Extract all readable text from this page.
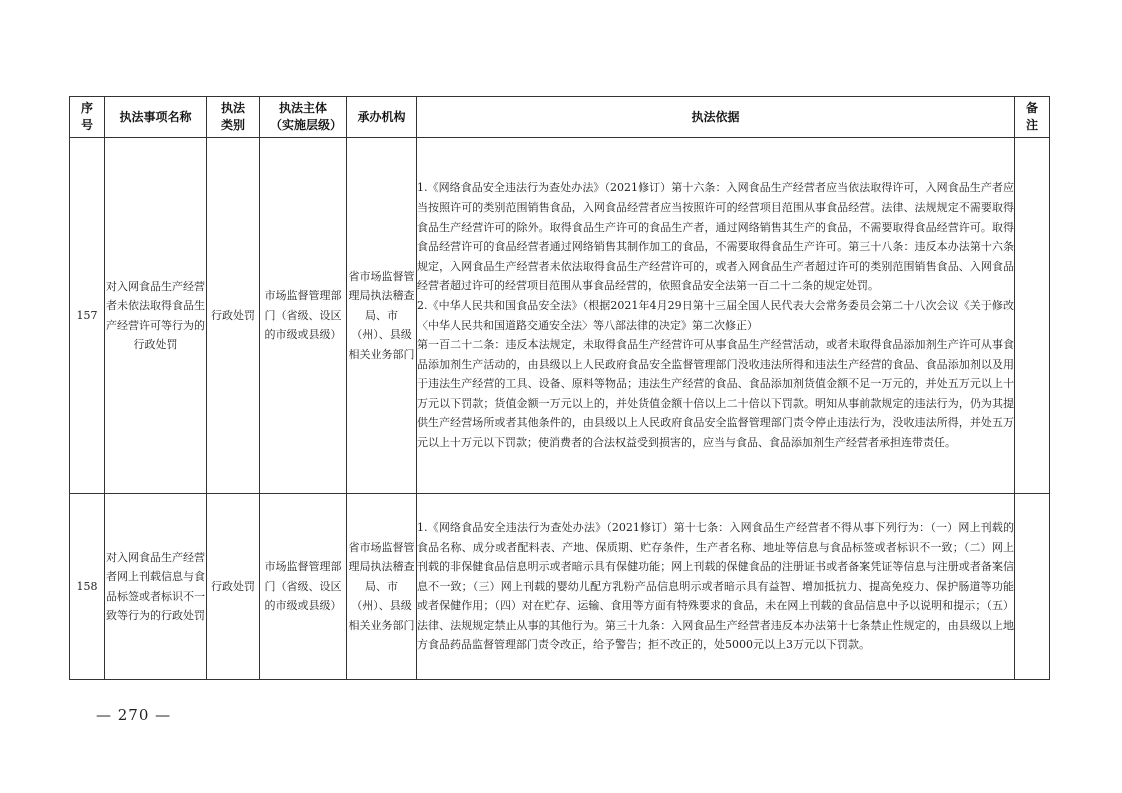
序号	执法事项名称	执法类别	执法主体（实施层级）	承办机构	执法依据	备注
157	对入网食品生产经营者未依法取得食品生产经营许可等行为的行政处罚	行政处罚	市场监督管理部门（省级、设区的市级或县级）	省市场监督管理局执法稽查局、市（州）、县级相关业务部门	1.《网络食品安全违法行为查处办法》（2021修订）第十六条：入网食品生产经营者应当依法取得许可，入网食品生产者应当按照许可的类别范围销售食品，入网食品经营者应当按照许可的经营项目范围从事食品经营。法律、法规规定不需要取得食品生产经营许可的除外。取得食品生产许可的食品生产者，通过网络销售其生产的食品，不需要取得食品经营许可。取得食品经营许可的食品经营者通过网络销售其制作加工的食品，不需要取得食品生产许可。第三十八条：违反本办法第十六条规定，入网食品生产经营者未依法取得食品生产经营许可的，或者入网食品生产者超过许可的类别范围销售食品、入网食品经营者超过许可的经营项目范围从事食品经营的，依照食品安全法第一百二十二条的规定处罚。

2.《中华人民共和国食品安全法》（根据2021年4月29日第十三届全国人民代表大会常务委员会第二十八次会议《关于修改〈中华人民共和国道路交通安全法〉等八部法律的决定》第二次修正）

第一百二十二条：违反本法规定，未取得食品生产经营许可从事食品生产经营活动，或者未取得食品添加剂生产许可从事食品添加剂生产活动的，由县级以上人民政府食品安全监督管理部门没收违法所得和违法生产经营的食品、食品添加剂以及用于违法生产经营的工具、设备、原料等物品；违法生产经营的食品、食品添加剂货值金额不足一万元的，并处五万元以上十万元以下罚款；货值金额一万元以上的，并处货值金额十倍以上二十倍以下罚款。明知从事前款规定的违法行为，仍为其提供生产经营场所或者其他条件的，由县级以上人民政府食品安全监督管理部门责令停止违法行为，没收违法所得，并处五万元以上十万元以下罚款；使消费者的合法权益受到损害的，应当与食品、食品添加剂生产经营者承担连带责任。	

158	对入网食品生产经营者网上刊载信息与食品标签或者标识不一致等行为的行政处罚	行政处罚	市场监督管理部门（省级、设区的市级或县级）	省市场监督管理局执法稽查局、市（州）、县级相关业务部门	1.《网络食品安全违法行为查处办法》（2021修订）第十七条：入网食品生产经营者不得从事下列行为：（一）网上刊载的食品名称、成分或者配料表、产地、保质期、贮存条件，生产者名称、地址等信息与食品标签或者标识不一致；（二）网上刊载的非保健食品信息明示或者暗示具有保健功能；网上刊载的保健食品的注册证书或者备案凭证等信息与注册或者备案信息不一致；（三）网上刊载的婴幼儿配方乳粉产品信息明示或者暗示具有益智、增加抵抗力、提高免疫力、保护肠道等功能或者保健作用；（四）对在贮存、运输、食用等方面有特殊要求的食品，未在网上刊载的食品信息中予以说明和提示；（五）法律、法规规定禁止从事的其他行为。第三十九条：入网食品生产经营者违反本办法第十七条禁止性规定的，由县级以上地方食品药品监督管理部门责令改正，给予警告；拒不改正的，处5000元以上3万元以下罚款。	

— 270 —
